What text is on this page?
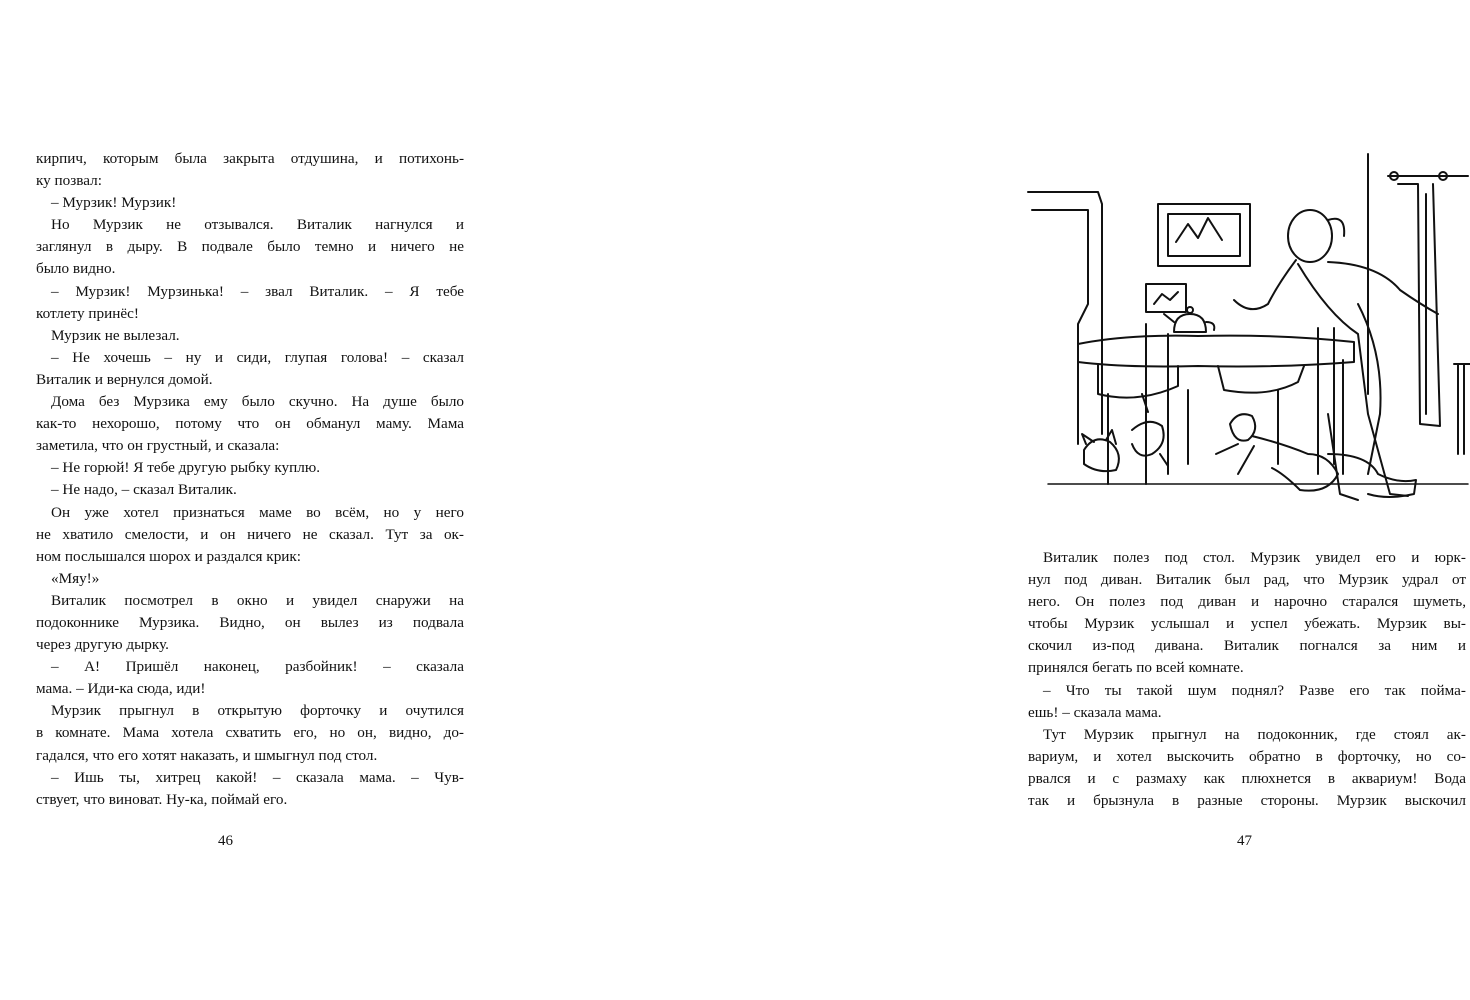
кирпич, которым была закрыта отдушина, и потихонь-
ку позвал:
– Мурзик! Мурзик!
Но Мурзик не отзывался. Виталик нагнулся и
заглянул в дыру. В подвале было темно и ничего не
было видно.
– Мурзик! Мурзинька! – звал Виталик. – Я тебе
котлету принёс!
Мурзик не вылезал.
– Не хочешь – ну и сиди, глупая голова! – сказал
Виталик и вернулся домой.
Дома без Мурзика ему было скучно. На душе было
как-то нехорошо, потому что он обманул маму. Мама
заметила, что он грустный, и сказала:
– Не горюй! Я тебе другую рыбку куплю.
– Не надо, – сказал Виталик.
Он уже хотел признаться маме во всём, но у него
не хватило смелости, и он ничего не сказал. Тут за ок-
ном послышался шорох и раздался крик:
«Мяу!»
Виталик посмотрел в окно и увидел снаружи на
подоконнике Мурзика. Видно, он вылез из подвала
через другую дырку.
– А! Пришёл наконец, разбойник! – сказала
мама. – Иди-ка сюда, иди!
Мурзик прыгнул в открытую форточку и очутился
в комнате. Мама хотела схватить его, но он, видно, до-
гадался, что его хотят наказать, и шмыгнул под стол.
– Ишь ты, хитрец какой! – сказала мама. – Чув-
ствует, что виноват. Ну-ка, поймай его.
46
Виталик полез под стол. Мурзик увидел его и юрк-
нул под диван. Виталик был рад, что Мурзик удрал от
него. Он полез под диван и нарочно старался шуметь,
чтобы Мурзик услышал и успел убежать. Мурзик вы-
скочил из-под дивана. Виталик погнался за ним и
принялся бегать по всей комнате.
– Что ты такой шум поднял? Разве его так поймa-
ешь! – сказала мама.
Тут Мурзик прыгнул на подоконник, где стоял ак-
вариум, и хотел выскочить обратно в форточку, но со-
рвался и с размаху как плюхнется в аквариум! Вода
так и брызнула в разные стороны. Мурзик выскочил
47
